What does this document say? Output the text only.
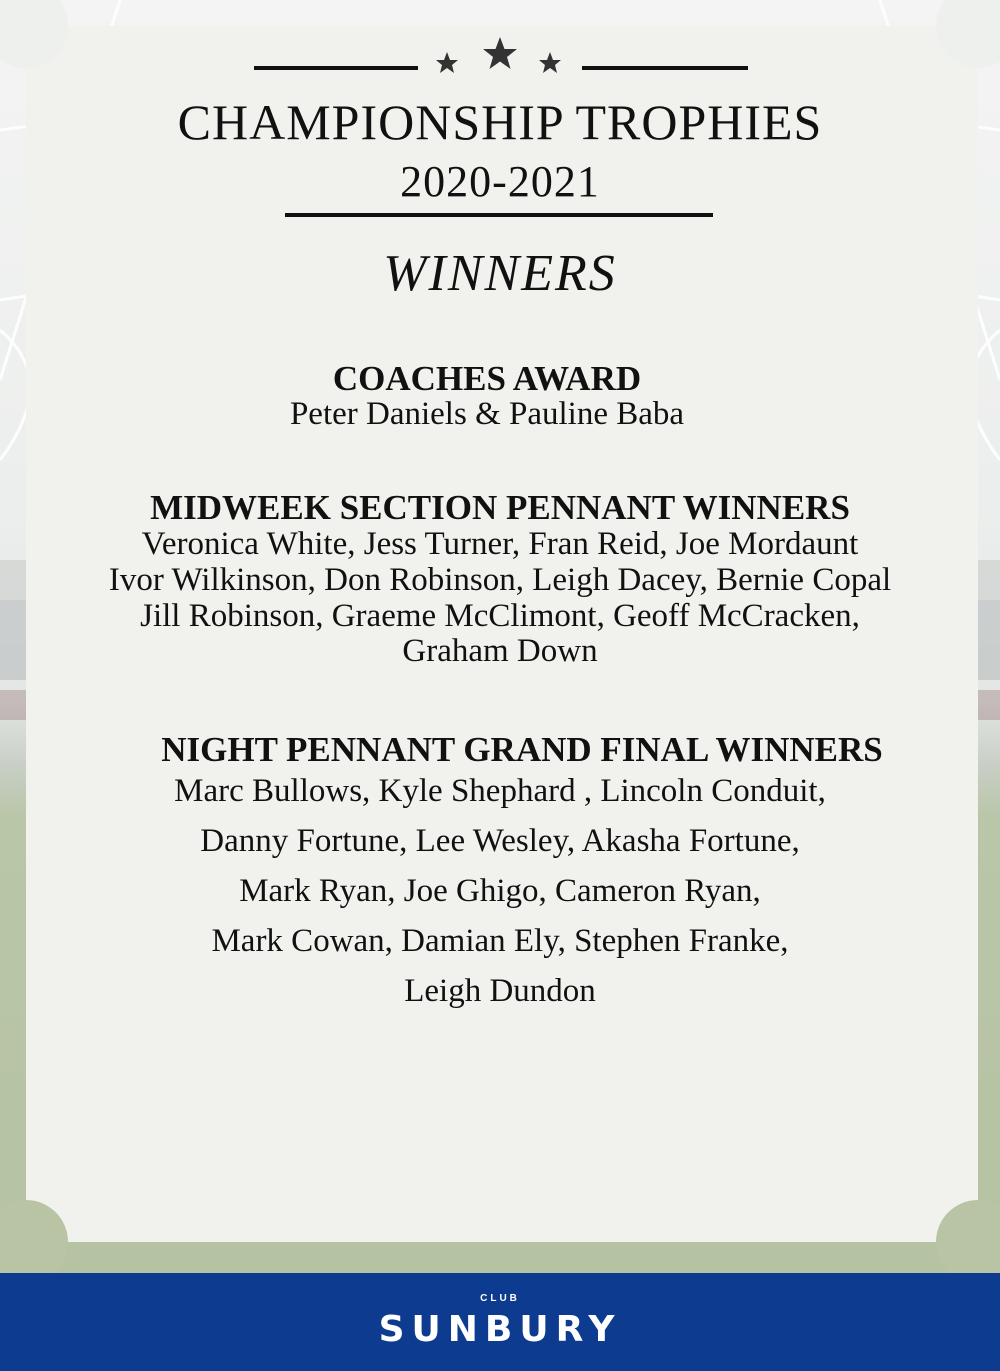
CHAMPIONSHIP TROPHIES
2020-2021
WINNERS
COACHES AWARD
Peter Daniels & Pauline Baba
MIDWEEK SECTION PENNANT WINNERS
Veronica White, Jess Turner, Fran Reid, Joe Mordaunt
Ivor Wilkinson, Don Robinson, Leigh Dacey, Bernie Copal
Jill Robinson, Graeme McClimont, Geoff McCracken,
Graham Down
NIGHT PENNANT GRAND FINAL WINNERS
Marc Bullows, Kyle Shephard , Lincoln Conduit,
Danny Fortune, Lee Wesley, Akasha Fortune,
Mark Ryan, Joe Ghigo, Cameron Ryan,
Mark Cowan, Damian Ely, Stephen Franke,
Leigh Dundon
CLUB
SUNBURY
